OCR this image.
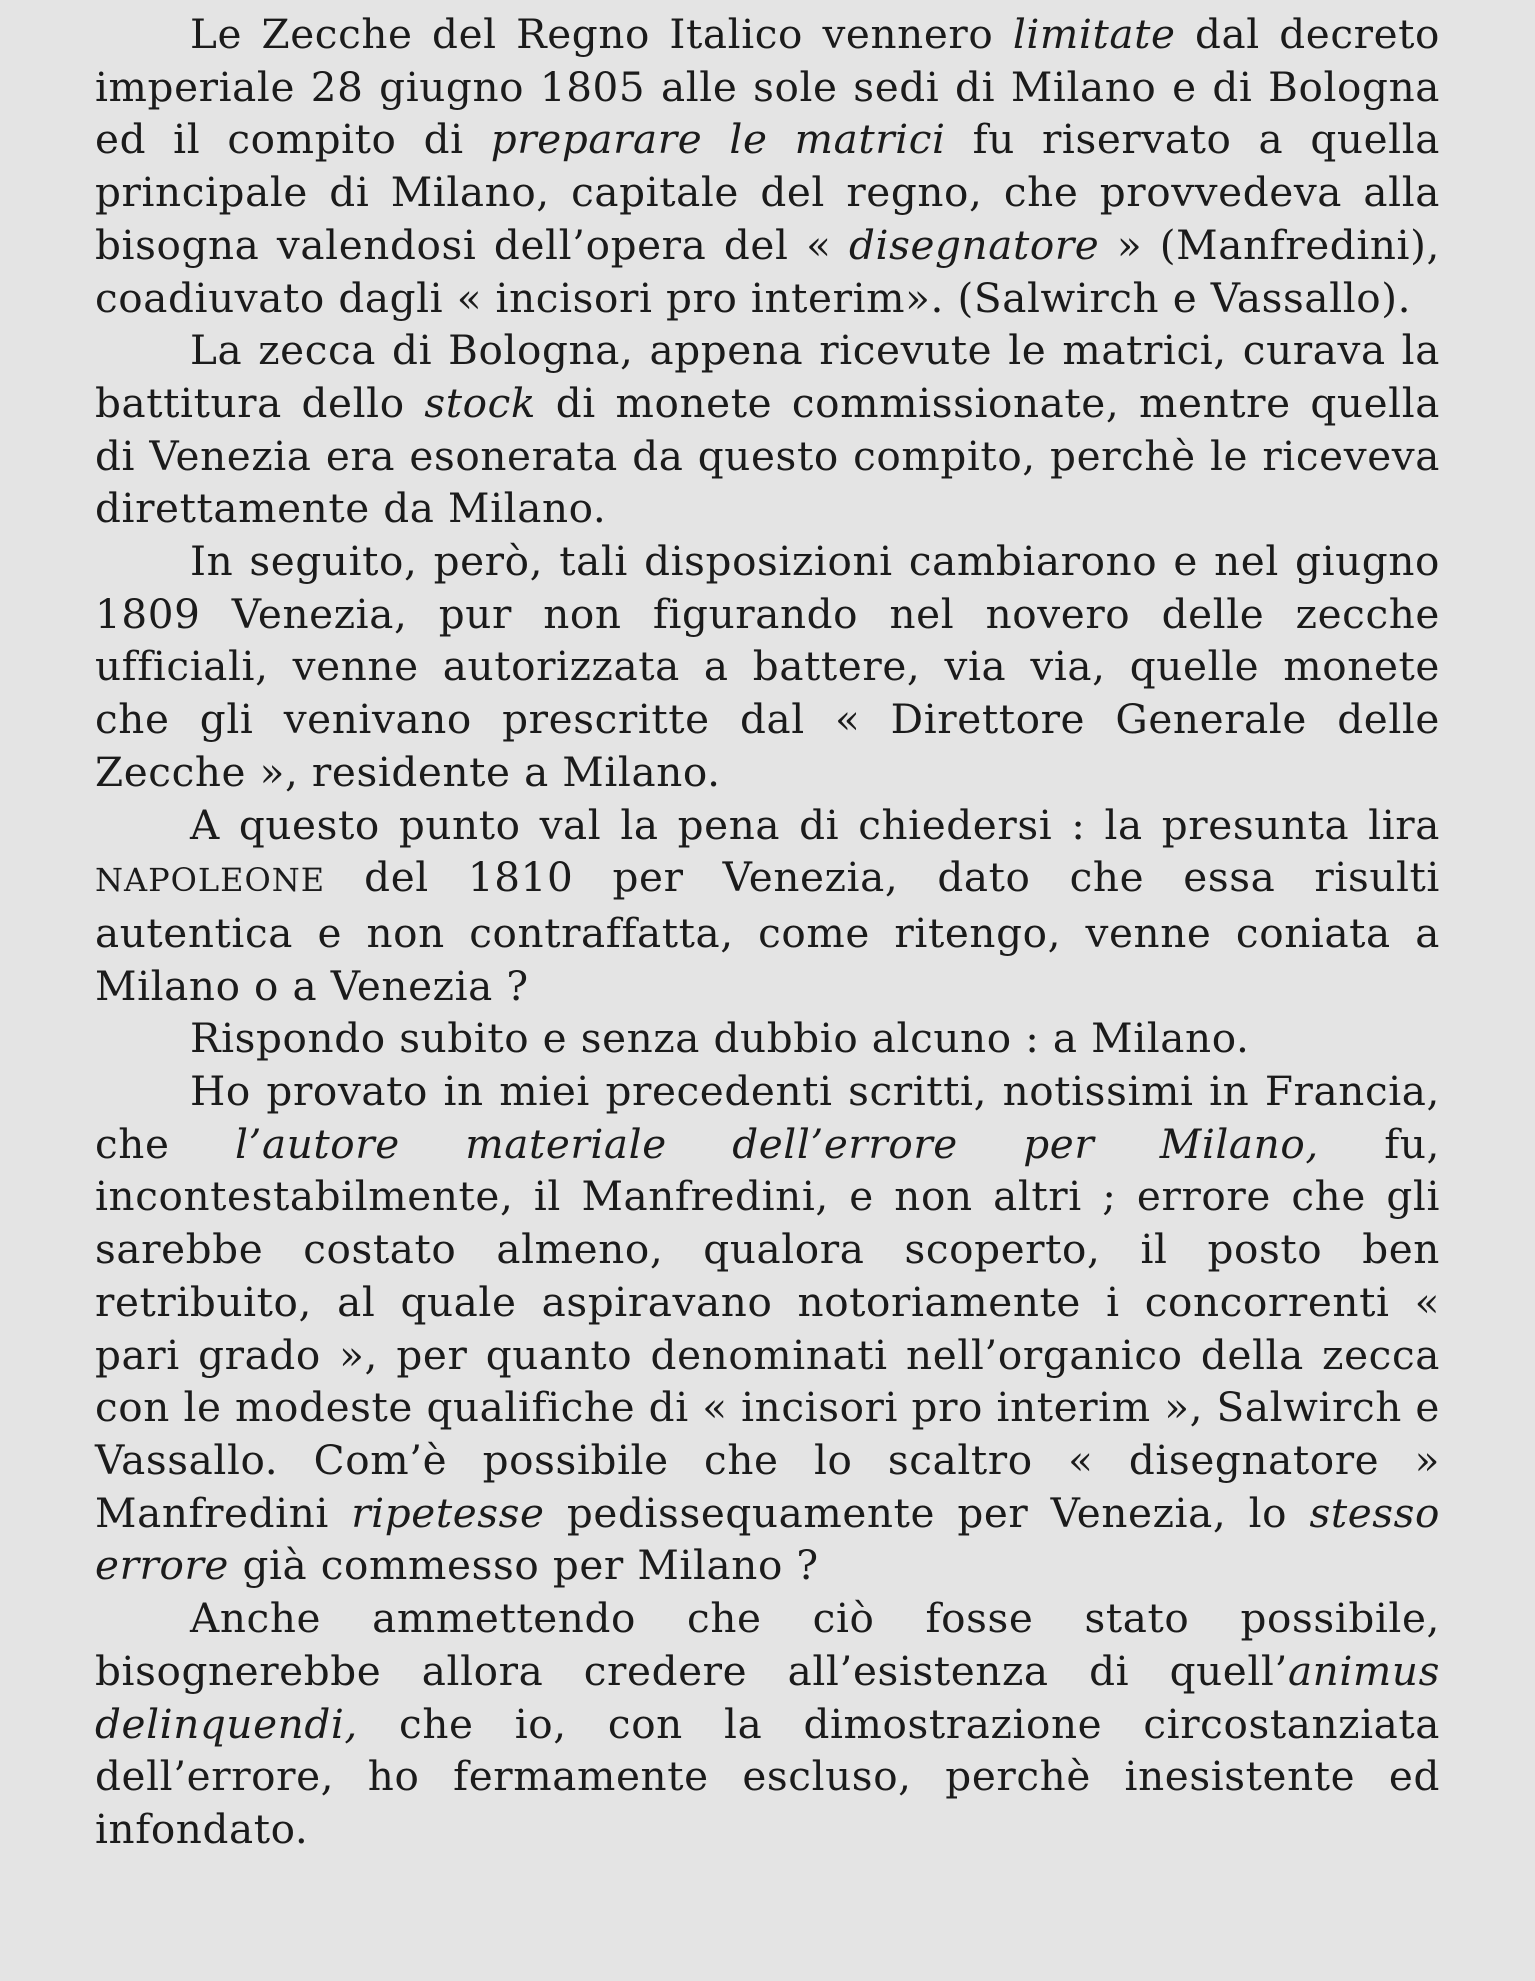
Le Zecche del Regno Italico vennero limitate dal decreto imperiale 28 giugno 1805 alle sole sedi di Milano e di Bologna ed il compito di preparare le matrici fu riservato a quella principale di Milano, capitale del regno, che provvedeva alla bisogna valendosi dell’opera del « disegnatore » (Manfredini), coadiuvato dagli « incisori pro interim». (Salwirch e Vassallo).

La zecca di Bologna, appena ricevute le matrici, curava la battitura dello stock di monete commissionate, mentre quella di Venezia era esonerata da questo compito, perchè le riceveva direttamente da Milano.

In seguito, però, tali disposizioni cambiarono e nel giugno 1809 Venezia, pur non figurando nel novero delle zecche ufficiali, venne autorizzata a battere, via via, quelle monete che gli venivano prescritte dal « Direttore Generale delle Zecche », residente a Milano.

A questo punto val la pena di chiedersi : la presunta lira NAPOLEONE del 1810 per Venezia, dato che essa risulti autentica e non contraffatta, come ritengo, venne coniata a Milano o a Venezia ?

Rispondo subito e senza dubbio alcuno : a Milano.

Ho provato in miei precedenti scritti, notissimi in Francia, che l’autore materiale dell’errore per Milano, fu, incontestabilmente, il Manfredini, e non altri ; errore che gli sarebbe costato almeno, qualora scoperto, il posto ben retribuito, al quale aspiravano notoriamente i concorrenti « pari grado », per quanto denominati nell’organico della zecca con le modeste qualifiche di « incisori pro interim », Salwirch e Vassallo. Com’è possibile che lo scaltro « disegnatore » Manfredini ripetesse pedissequamente per Venezia, lo stesso errore già commesso per Milano ?

Anche ammettendo che ciò fosse stato possibile, bisognerebbe allora credere all’esistenza di quell’animus delinquendi, che io, con la dimostrazione circostanziata dell’errore, ho fermamente escluso, perchè inesistente ed infondato.
